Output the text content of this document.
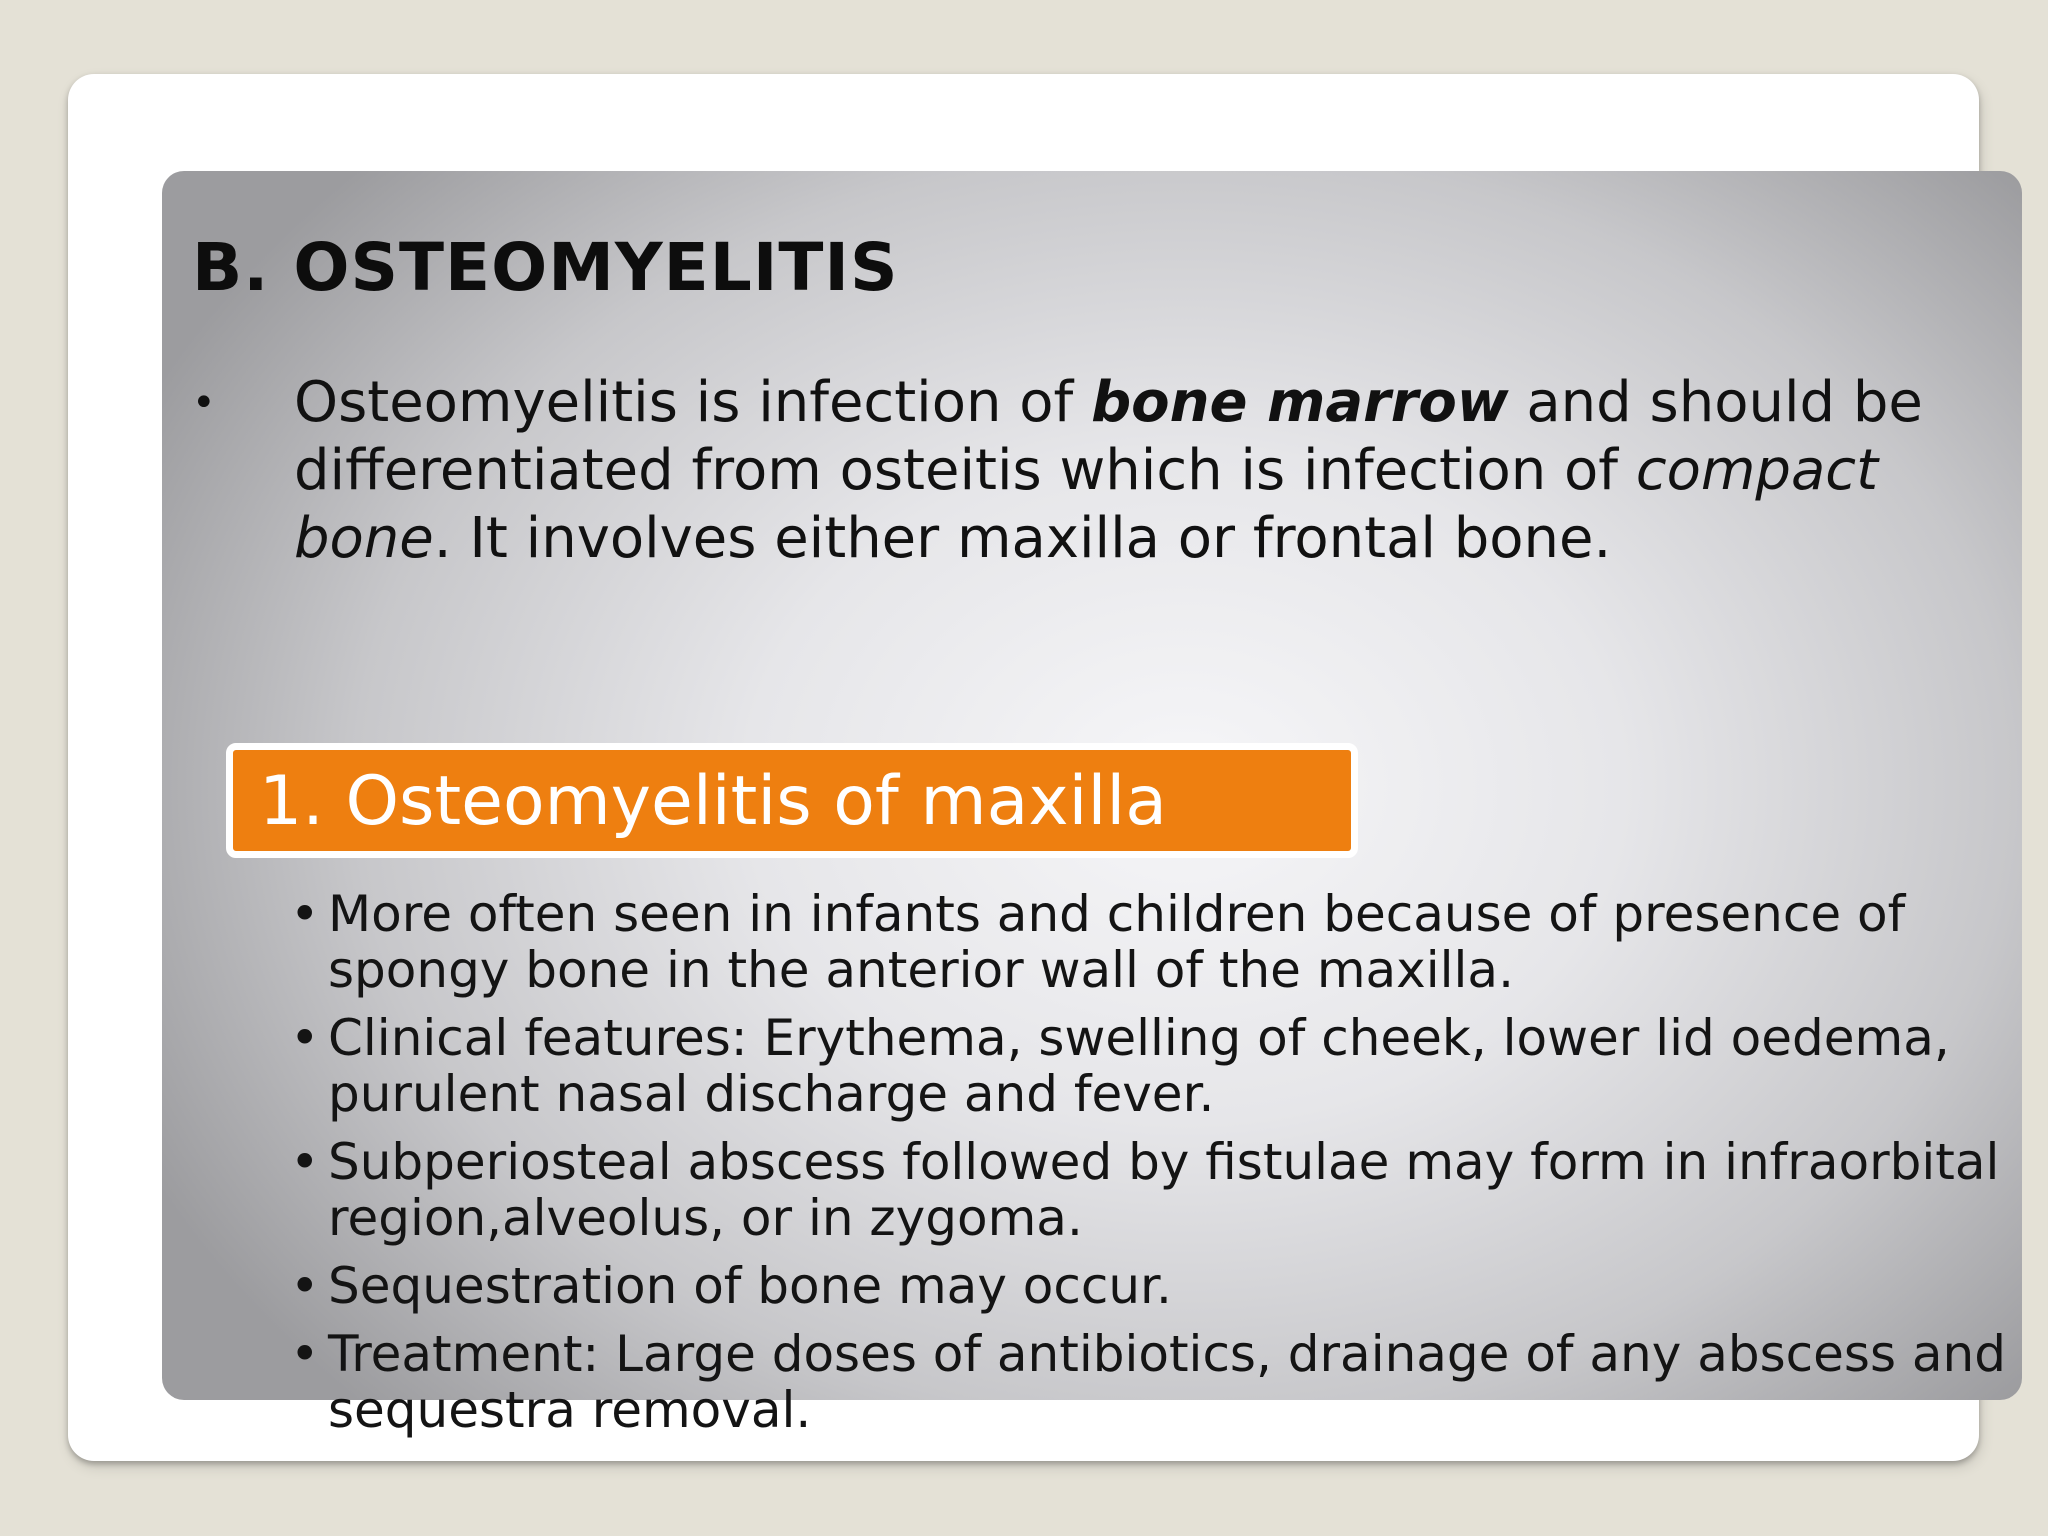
B. OSTEOMYELITIS
• Osteomyelitis is infection of bone marrow and should be differentiated from osteitis which is infection of compact bone. It involves either maxilla or frontal bone.
1. Osteomyelitis of maxilla
• More often seen in infants and children because of presence of spongy bone in the anterior wall of the maxilla.
• Clinical features: Erythema, swelling of cheek, lower lid oedema, purulent nasal discharge and fever.
• Subperiosteal abscess followed by fistulae may form in infraorbital region,alveolus, or in zygoma.
• Sequestration of bone may occur.
• Treatment: Large doses of antibiotics, drainage of any abscess and sequestra removal.
